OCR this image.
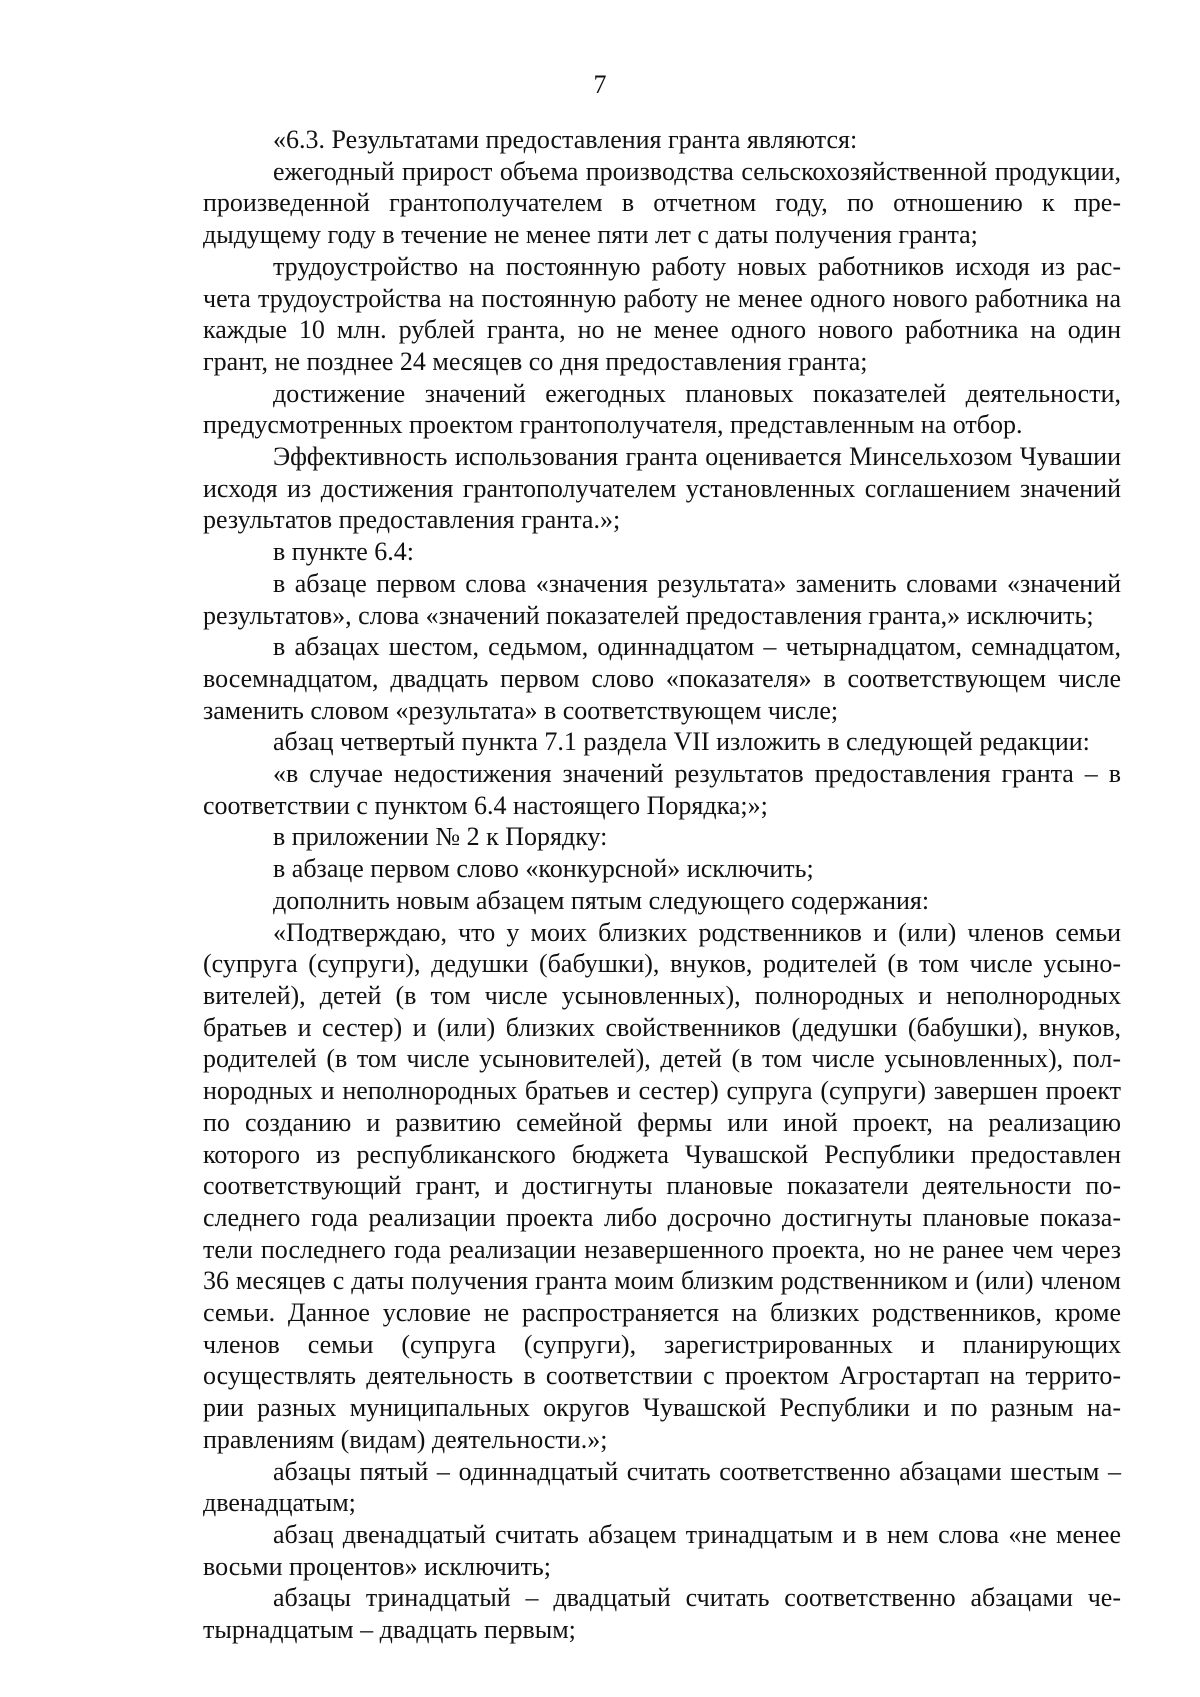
7

«6.3. Результатами предоставления гранта являются:

ежегодный прирост объема производства сельскохозяйственной продукции, произведенной грантополучателем в отчетном году, по отношению к предыдущему году в течение не менее пяти лет с даты получения гранта;

трудоустройство на постоянную работу новых работников исходя из расчета трудоустройства на постоянную работу не менее одного нового работника на каждые 10 млн. рублей гранта, но не менее одного нового работника на один грант, не позднее 24 месяцев со дня предоставления гранта;

достижение значений ежегодных плановых показателей деятельности, предусмотренных проектом грантополучателя, представленным на отбор.

Эффективность использования гранта оценивается Минсельхозом Чувашии исходя из достижения грантополучателем установленных соглашением значений результатов предоставления гранта.»;

в пункте 6.4:

в абзаце первом слова «значения результата» заменить словами «значений результатов», слова «значений показателей предоставления гранта,» исключить;

в абзацах шестом, седьмом, одиннадцатом – четырнадцатом, семнадцатом, восемнадцатом, двадцать первом слово «показателя» в соответствующем числе заменить словом «результата» в соответствующем числе;

абзац четвертый пункта 7.1 раздела VII изложить в следующей редакции:

«в случае недостижения значений результатов предоставления гранта – в соответствии с пунктом 6.4 настоящего Порядка;»;

в приложении № 2 к Порядку:

в абзаце первом слово «конкурсной» исключить;

дополнить новым абзацем пятым следующего содержания:

«Подтверждаю, что у моих близких родственников и (или) членов семьи (супруга (супруги), дедушки (бабушки), внуков, родителей (в том числе усыновителей), детей (в том числе усыновленных), полнородных и неполнородных братьев и сестер) и (или) близких свойственников (дедушки (бабушки), внуков, родителей (в том числе усыновителей), детей (в том числе усыновленных), полнородных и неполнородных братьев и сестер) супруга (супруги) завершен проект по созданию и развитию семейной фермы или иной проект, на реализацию которого из республиканского бюджета Чувашской Республики предоставлен соответствующий грант, и достигнуты плановые показатели деятельности последнего года реализации проекта либо досрочно достигнуты плановые показатели последнего года реализации незавершенного проекта, но не ранее чем через 36 месяцев с даты получения гранта моим близким родственником и (или) членом семьи. Данное условие не распространяется на близких родственников, кроме членов семьи (супруга (супруги), зарегистрированных и планирующих осуществлять деятельность в соответствии с проектом Агростартап на территории разных муниципальных округов Чувашской Республики и по разным направлениям (видам) деятельности.»;

абзацы пятый – одиннадцатый считать соответственно абзацами шестым – двенадцатым;

абзац двенадцатый считать абзацем тринадцатым и в нем слова «не менее восьми процентов» исключить;

абзацы тринадцатый – двадцатый считать соответственно абзацами четырнадцатым – двадцать первым;
